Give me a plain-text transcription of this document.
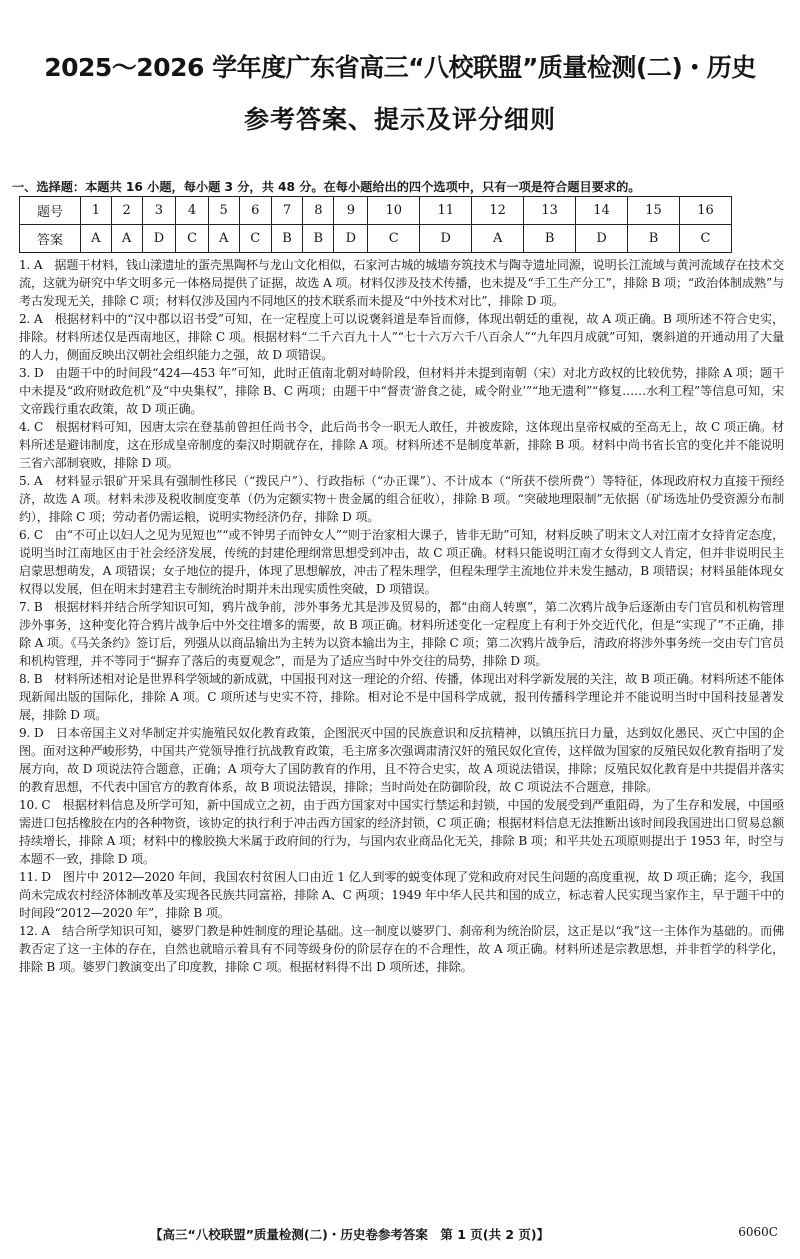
2025～2026 学年度广东省高三“八校联盟”质量检测(二)・历史
参考答案、提示及评分细则
一、选择题：本题共 16 小题，每小题 3 分，共 48 分。在每小题给出的四个选项中，只有一项是符合题目要求的。
题号	1	2	3	4	5	6	7	8	9	10	11	12	13	14	15	16
答案	A	A	D	C	A	C	B	B	D	C	D	A	B	D	B	C

1. A　据题干材料，钱山漾遗址的蛋壳黑陶杯与龙山文化相似，石家河古城的城墙夯筑技术与陶寺遗址同源，说明长江流域与黄河流域存在技术交流，这就为研究中华文明多元一体格局提供了证据，故选 A 项。材料仅涉及技术传播，也未提及“手工生产分工”，排除 B 项；“政治体制成熟”与考古发现无关，排除 C 项；材料仅涉及国内不同地区的技术联系而未提及“中外技术对比”，排除 D 项。

2. A　根据材料中的“汉中郡以诏书受”可知，在一定程度上可以说褒斜道是奉旨而修，体现出朝廷的重视，故 A 项正确。B 项所述不符合史实，排除。材料所述仅是西南地区，排除 C 项。根据材料“二千六百九十人”“七十六万六千八百余人”“九年四月成就”可知，褒斜道的开通动用了大量的人力，侧面反映出汉朝社会组织能力之强，故 D 项错误。

3. D　由题干中的时间段“424—453 年”可知，此时正值南北朝对峙阶段，但材料并未提到南朝（宋）对北方政权的比较优势，排除 A 项；题干中未提及“政府财政危机”及“中央集权”，排除 B、C 两项；由题干中“督责‘游食之徒，咸令附业’”“地无遗利”“修复……水利工程”等信息可知，宋文帝践行重农政策，故 D 项正确。

4. C　根据材料可知，因唐太宗在登基前曾担任尚书令，此后尚书令一职无人敢任，并被废除，这体现出皇帝权威的至高无上，故 C 项正确。材料所述是避讳制度，这在形成皇帝制度的秦汉时期就存在，排除 A 项。材料所述不是制度革新，排除 B 项。材料中尚书省长官的变化并不能说明三省六部制衰败，排除 D 项。

5. A　材料显示银矿开采具有强制性移民（“拨民户”）、行政指标（“办正课”）、不计成本（“所获不偿所费”）等特征，体现政府权力直接干预经济，故选 A 项。材料未涉及税收制度变革（仍为定额实物＋贵金属的组合征收），排除 B 项。“突破地理限制”无依据（矿场选址仍受资源分布制约），排除 C 项；劳动者仍需运粮，说明实物经济仍存，排除 D 项。

6. C　由“不可止以妇人之见为见短也”“或不钟男子而钟女人”“则于治家相大课子，皆非无助”可知，材料反映了明末文人对江南才女持肯定态度，说明当时江南地区由于社会经济发展，传统的封建伦理纲常思想受到冲击，故 C 项正确。材料只能说明江南才女得到文人肯定，但并非说明民主启蒙思想萌发，A 项错误；女子地位的提升，体现了思想解放，冲击了程朱理学，但程朱理学主流地位并未发生撼动，B 项错误；材料虽能体现女权得以发展，但在明末封建君主专制统治时期并未出现实质性突破，D 项错误。

7. B　根据材料并结合所学知识可知，鸦片战争前，涉外事务尤其是涉及贸易的，都“由商人转禀”，第二次鸦片战争后逐渐由专门官员和机构管理涉外事务，这种变化符合鸦片战争后中外交往增多的需要，故 B 项正确。材料所述变化一定程度上有利于外交近代化，但是“实现了”不正确，排除 A 项。《马关条约》签订后，列强从以商品输出为主转为以资本输出为主，排除 C 项；第二次鸦片战争后，清政府将涉外事务统一交由专门官员和机构管理，并不等同于“摒弃了落后的夷夏观念”，而是为了适应当时中外交往的局势，排除 D 项。

8. B　材料所述相对论是世界科学领域的新成就，中国报刊对这一理论的介绍、传播，体现出对科学新发展的关注，故 B 项正确。材料所述不能体现新闻出版的国际化，排除 A 项。C 项所述与史实不符，排除。相对论不是中国科学成就，报刊传播科学理论并不能说明当时中国科技显著发展，排除 D 项。

9. D　日本帝国主义对华制定并实施殖民奴化教育政策，企图泯灭中国的民族意识和反抗精神，以镇压抗日力量，达到奴化愚民、灭亡中国的企图。面对这种严峻形势，中国共产党领导推行抗战教育政策，毛主席多次强调肃清汉奸的殖民奴化宣传，这样做为国家的反殖民奴化教育指明了发展方向，故 D 项说法符合题意，正确；A 项夸大了国防教育的作用，且不符合史实，故 A 项说法错误，排除；反殖民奴化教育是中共提倡并落实的教育思想，不代表中国官方的教育体系，故 B 项说法错误，排除；当时尚处在防御阶段，故 C 项说法不合题意，排除。

10. C　根据材料信息及所学可知，新中国成立之初，由于西方国家对中国实行禁运和封锁，中国的发展受到严重阻碍，为了生存和发展，中国亟需进口包括橡胶在内的各种物资，该协定的执行利于冲击西方国家的经济封锁，C 项正确；根据材料信息无法推断出该时间段我国进出口贸易总额持续增长，排除 A 项；材料中的橡胶换大米属于政府间的行为，与国内农业商品化无关，排除 B 项；和平共处五项原则提出于 1953 年，时空与本题不一致，排除 D 项。

11. D　图片中 2012—2020 年间，我国农村贫困人口由近 1 亿人到零的蜕变体现了党和政府对民生问题的高度重视，故 D 项正确；迄今，我国尚未完成农村经济体制改革及实现各民族共同富裕，排除 A、C 两项；1949 年中华人民共和国的成立，标志着人民实现当家作主，早于题干中的时间段“2012—2020 年”，排除 B 项。

12. A　结合所学知识可知，婆罗门教是种姓制度的理论基础。这一制度以婆罗门、刹帝利为统治阶层，这正是以“我”这一主体作为基础的。而佛教否定了这一主体的存在，自然也就暗示着具有不同等级身份的阶层存在的不合理性，故 A 项正确。材料所述是宗教思想，并非哲学的科学化，排除 B 项。婆罗门教演变出了印度教，排除 C 项。根据材料得不出 D 项所述，排除。

【高三“八校联盟”质量检测(二)・历史卷参考答案　第 1 页(共 2 页)】	6060C
